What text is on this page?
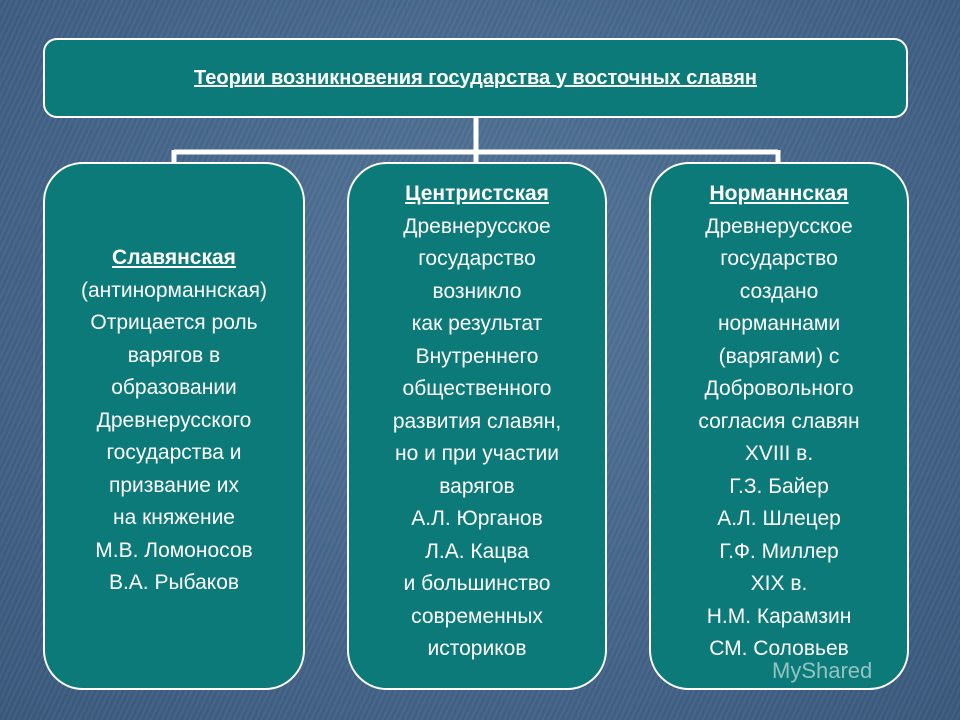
Теории возникновения государства у восточных славян
Славянская
(антинорманнская)
Отрицается роль
варягов в
образовании
Древнерусского
государства и
призвание их
на княжение
М.В. Ломоносов
В.А. Рыбаков
Центристская
Древнерусское
государство
возникло
как результат
Внутреннего
общественного
развития славян,
но и при участии
варягов
А.Л. Юрганов
Л.А. Кацва
и большинство
современных
историков
Норманнская
Древнерусское
государство
создано
норманнами
(варягами) с
Добровольного
согласия славян
XVIII в.
Г.З. Байер
А.Л. Шлецер
Г.Ф. Миллер
XIX в.
Н.М. Карамзин
СМ. Соловьев
MyShared
